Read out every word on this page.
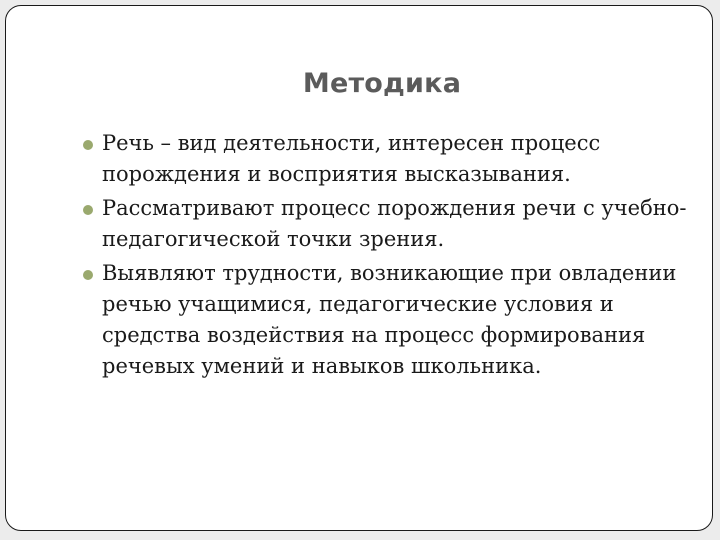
Методика
Речь – вид деятельности, интересен процесс порождения и восприятия высказывания.
Рассматривают процесс порождения речи с учебно-педагогической точки зрения.
Выявляют трудности, возникающие при овладении речью учащимися, педагогические условия и средства воздействия на процесс формирования речевых умений и навыков школьника.
